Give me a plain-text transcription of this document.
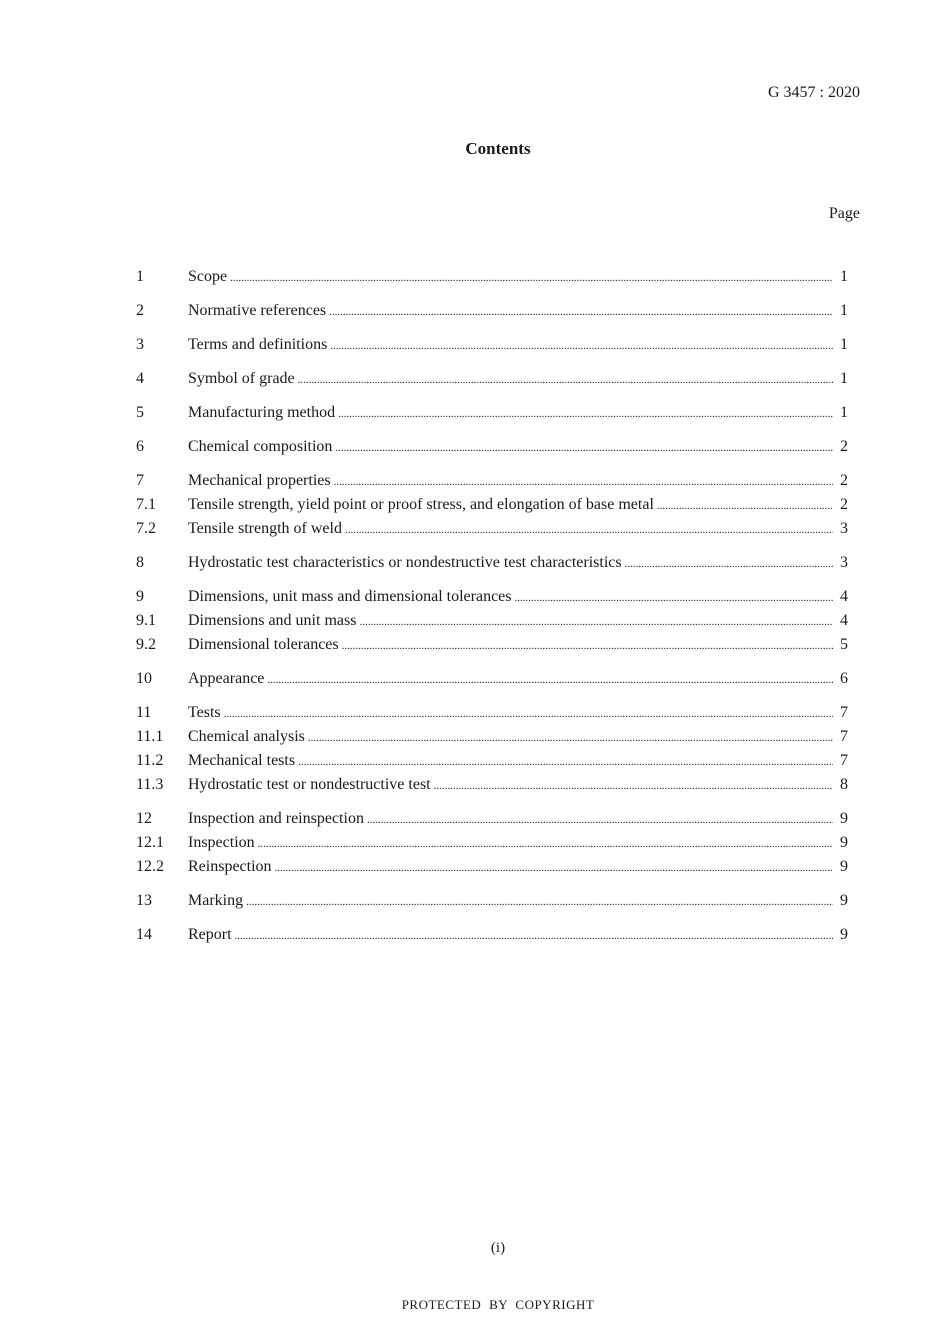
G 3457 : 2020
Contents
Page
1	Scope .....	1
2	Normative references .....	1
3	Terms and definitions .....	1
4	Symbol of grade .....	1
5	Manufacturing method .....	1
6	Chemical composition .....	2
7	Mechanical properties .....	2
7.1	Tensile strength, yield point or proof stress, and elongation of base metal .....	2
7.2	Tensile strength of weld .....	3
8	Hydrostatic test characteristics or nondestructive test characteristics .....	3
9	Dimensions, unit mass and dimensional tolerances .....	4
9.1	Dimensions and unit mass .....	4
9.2	Dimensional tolerances .....	5
10	Appearance .....	6
11	Tests .....	7
11.1	Chemical analysis .....	7
11.2	Mechanical tests .....	7
11.3	Hydrostatic test or nondestructive test .....	8
12	Inspection and reinspection .....	9
12.1	Inspection .....	9
12.2	Reinspection .....	9
13	Marking .....	9
14	Report .....	9
(i)
PROTECTED BY COPYRIGHT
